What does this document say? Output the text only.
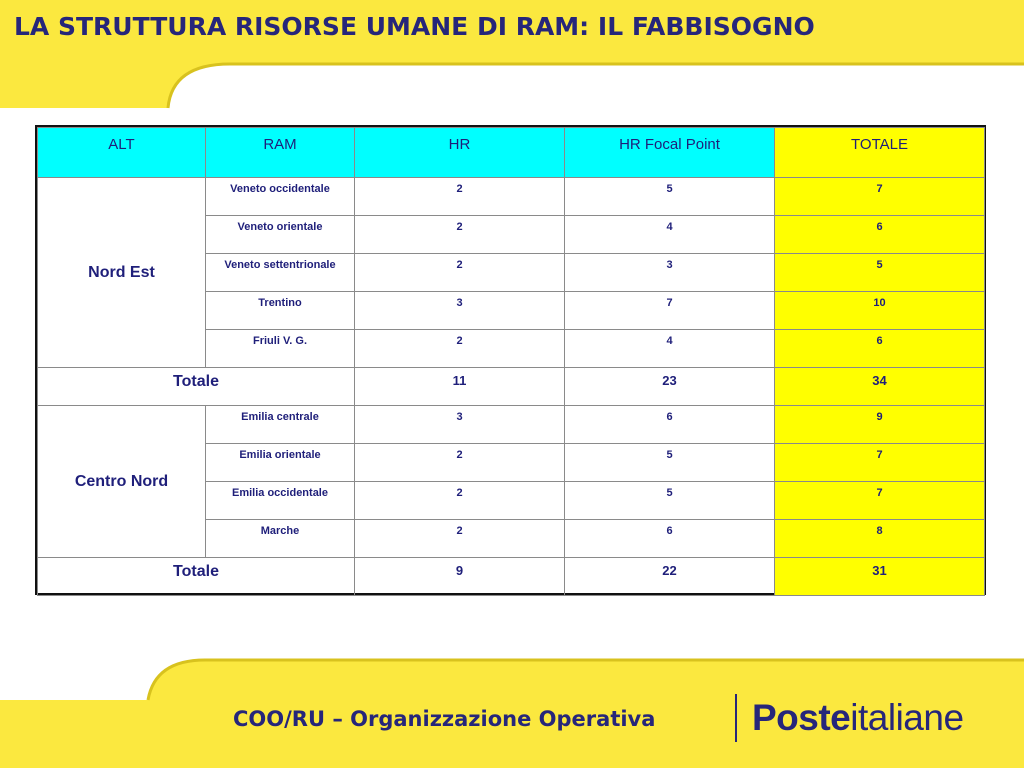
LA STRUTTURA RISORSE UMANE DI RAM: IL FABBISOGNO
ALT	RAM	HR	HR Focal Point	TOTALE
Nord Est	Veneto occidentale	2	5	7
	Veneto orientale	2	4	6
	Veneto settentrionale	2	3	5
	Trentino	3	7	10
	Friuli V. G.	2	4	6
Totale		11	23	34
Centro Nord	Emilia centrale	3	6	9
	Emilia orientale	2	5	7
	Emilia occidentale	2	5	7
	Marche	2	6	8
Totale		9	22	31
COO/RU – Organizzazione Operativa	Posteitaliane
